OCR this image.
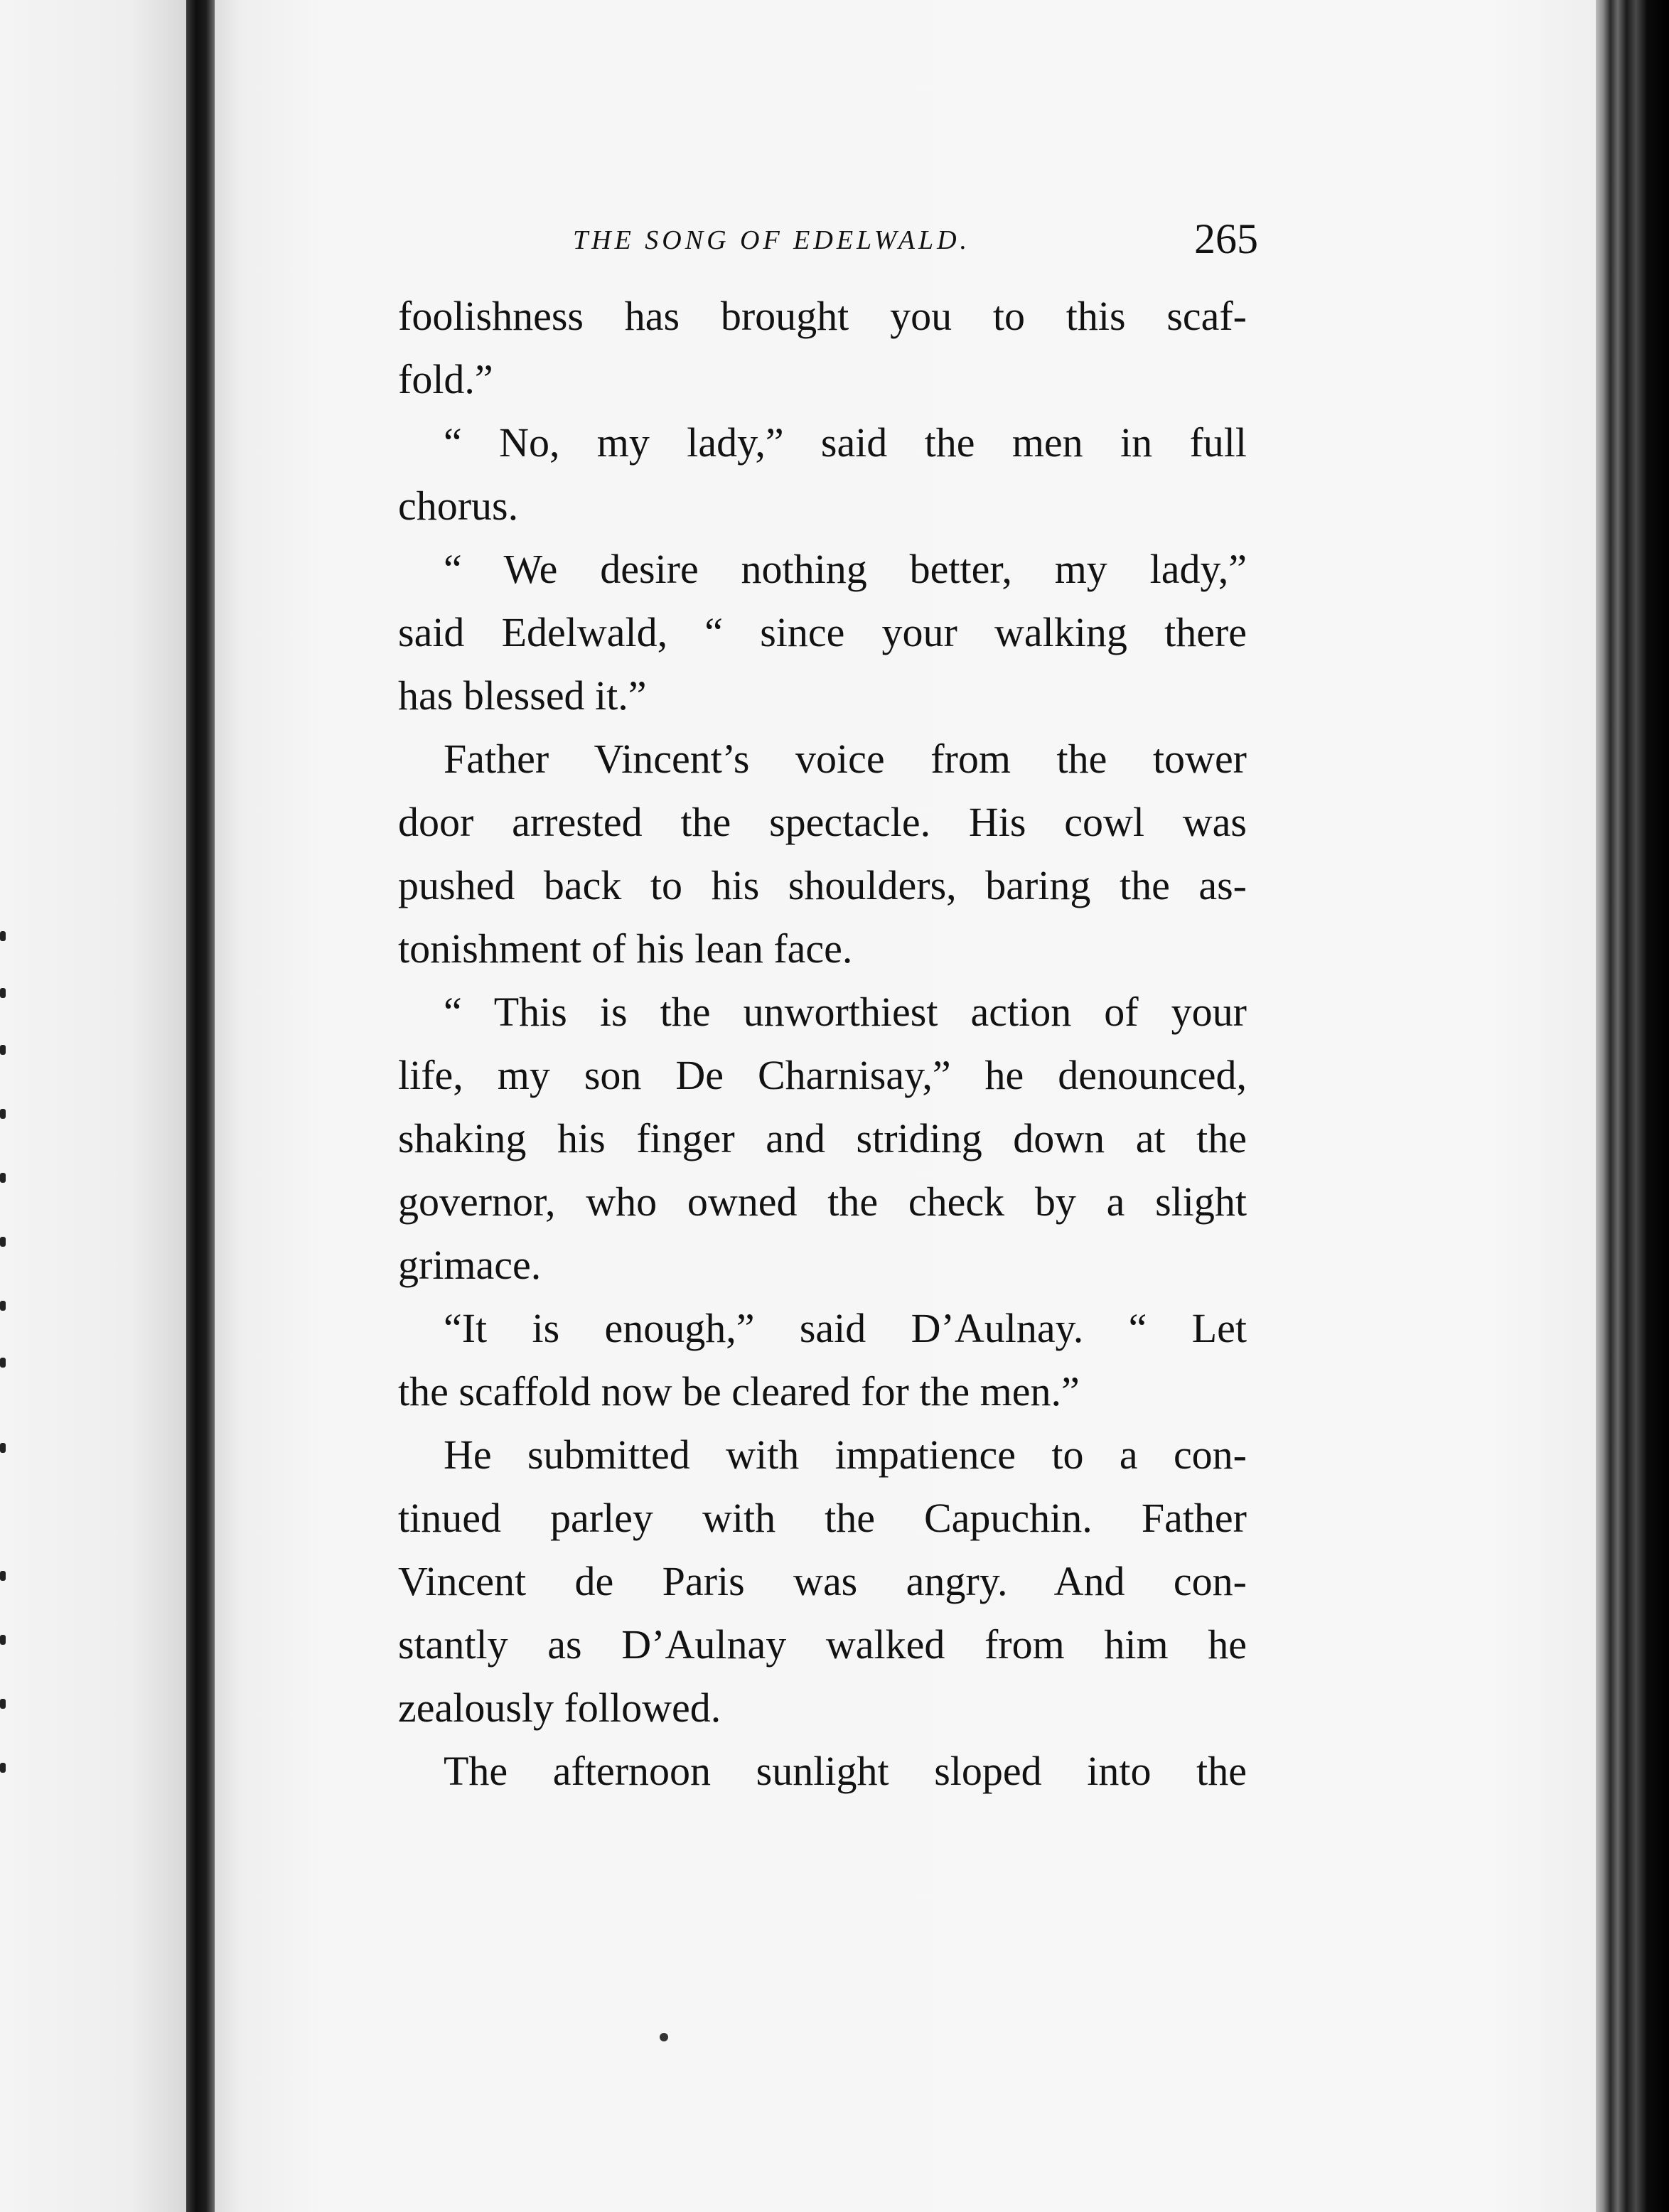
THE SONG OF EDELWALD.	265

foolishness has brought you to this scaf-
fold.”

“ No, my lady,” said the men in full
chorus.

“ We desire nothing better, my lady,”
said Edelwald, “ since your walking there
has blessed it.”

Father Vincent’s voice from the tower
door arrested the spectacle. His cowl was
pushed back to his shoulders, baring the as-
tonishment of his lean face.

“ This is the unworthiest action of your
life, my son De Charnisay,” he denounced,
shaking his finger and striding down at the
governor, who owned the check by a slight
grimace.

“It is enough,” said D’Aulnay. “ Let
the scaffold now be cleared for the men.”

He submitted with impatience to a con-
tinued parley with the Capuchin. Father
Vincent de Paris was angry. And con-
stantly as D’Aulnay walked from him he
zealously followed.

The afternoon sunlight sloped into the
